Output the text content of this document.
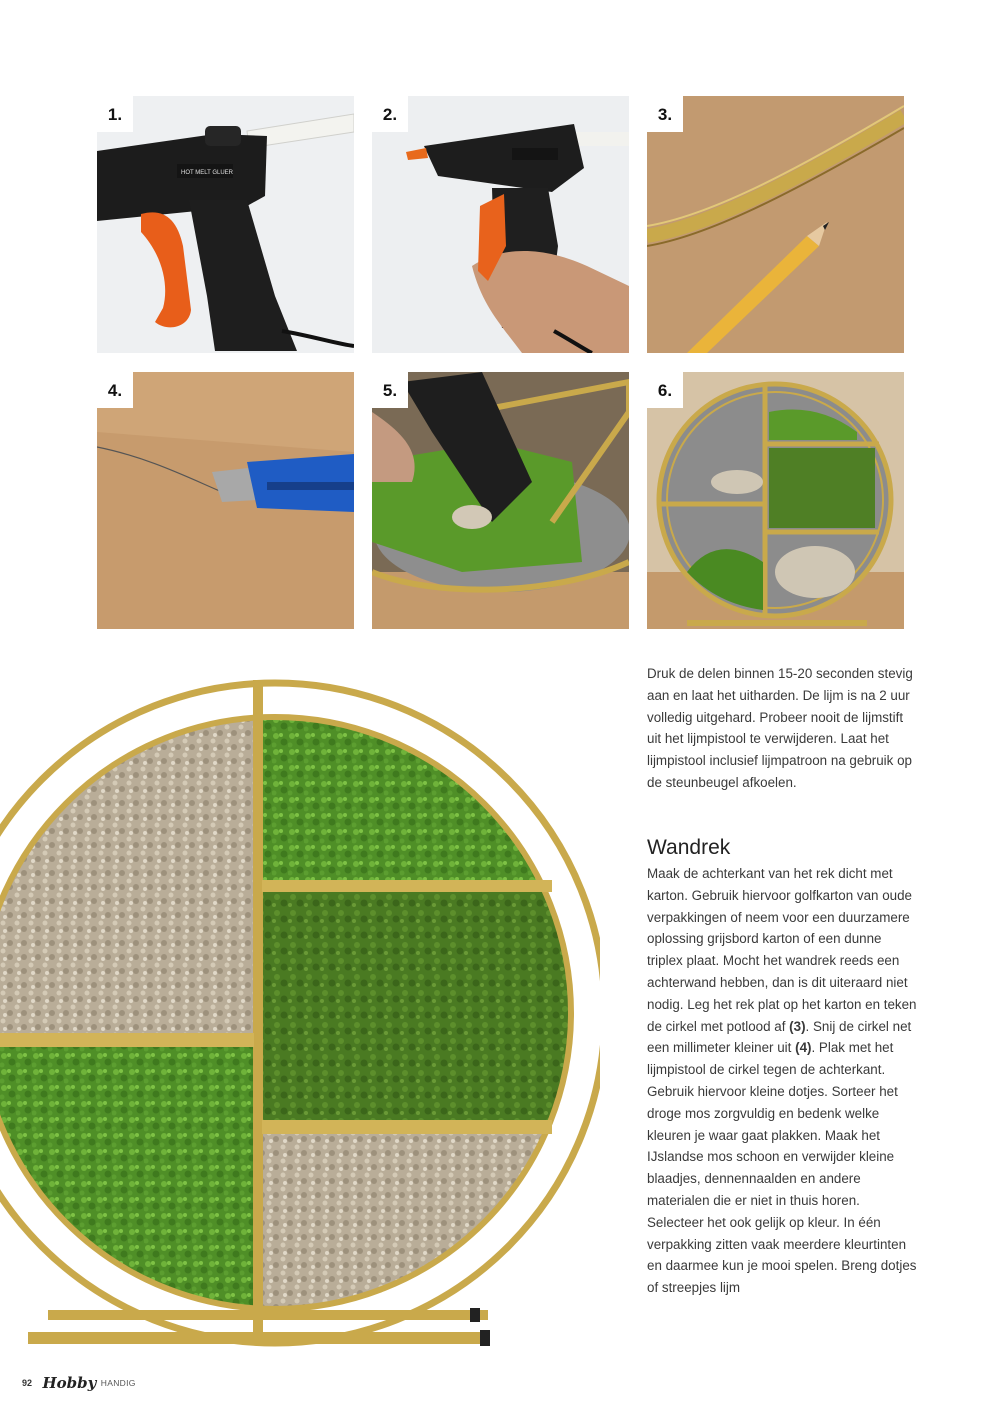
HOT MELT GLUER
1.	2.	3.
4.	5.	6.

Druk de delen binnen 15-20 seconden stevig aan en laat het uitharden. De lijm is na 2 uur volledig uitgehard. Probeer nooit de lijmstift uit het lijmpistool te verwijderen. Laat het lijmpistool inclusief lijmpatroon na gebruik op de steunbeugel afkoelen.

Wandrek

Maak de achterkant van het rek dicht met karton. Gebruik hiervoor golfkarton van oude verpakkingen of neem voor een duurzamere oplossing grijsbord karton of een dunne triplex plaat. Mocht het wandrek reeds een achterwand hebben, dan is dit uiteraard niet nodig. Leg het rek plat op het karton en teken de cirkel met potlood af (3). Snij de cirkel net een millimeter kleiner uit (4). Plak met het lijmpistool de cirkel tegen de achterkant. Gebruik hiervoor kleine dotjes. Sorteer het droge mos zorgvuldig en bedenk welke kleuren je waar gaat plakken. Maak het IJslandse mos schoon en verwijder kleine blaadjes, dennennaalden en andere materialen die er niet in thuis horen. Selecteer het ook gelijk op kleur. In één verpakking zitten vaak meerdere kleurtinten en daarmee kun je mooi spelen. Breng dotjes of streepjes lijm

92 Hobby HANDIG
